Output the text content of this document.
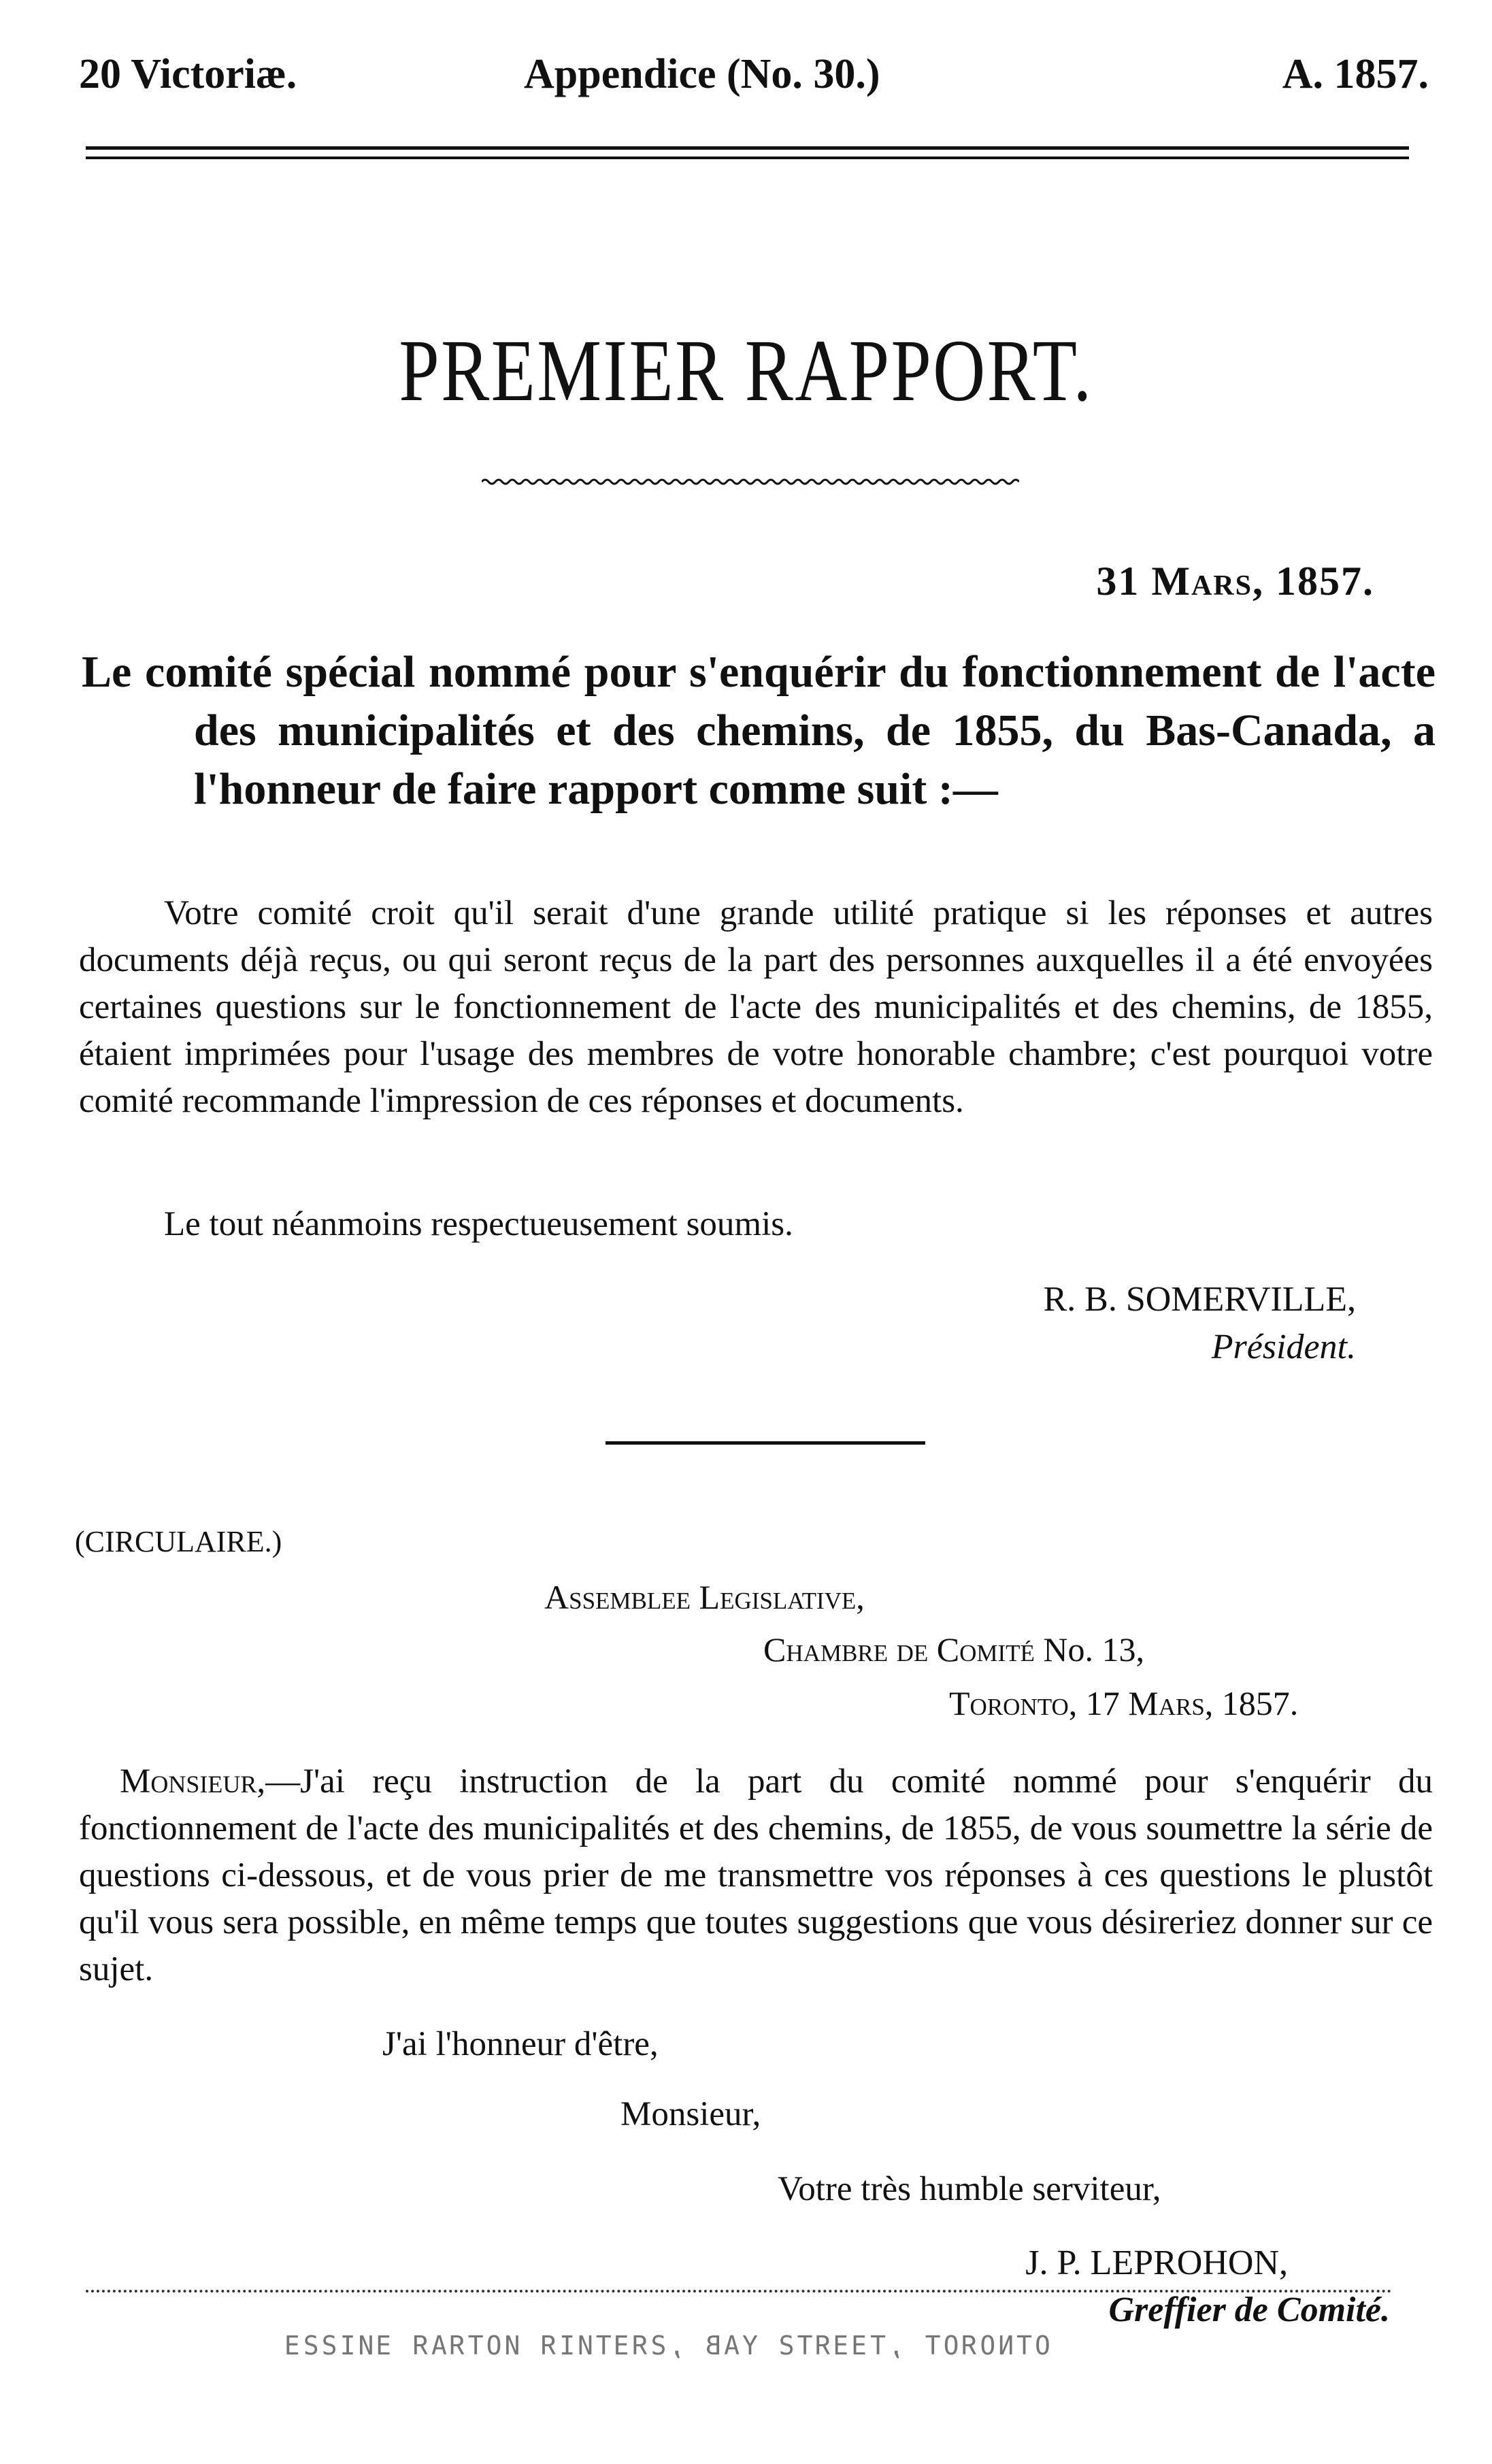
20 Victoriæ.	Appendice (No. 30.)	A. 1857.
PREMIER RAPPORT.
31 Mars, 1857.
Le comité spécial nommé pour s'enquérir du fonctionnement de l'acte des municipalités et des chemins, de 1855, du Bas-Canada, a l'honneur de faire rapport comme suit :—

Votre comité croit qu'il serait d'une grande utilité pratique si les réponses et autres documents déjà reçus, ou qui seront reçus de la part des personnes auxquelles il a été envoyées certaines questions sur le fonctionnement de l'acte des municipalités et des chemins, de 1855, étaient imprimées pour l'usage des membres de votre honorable chambre; c'est pourquoi votre comité recommande l'impression de ces réponses et documents.

Le tout néanmoins respectueusement soumis.

R. B. SOMERVILLE,
Président.
(CIRCULAIRE.)
Assemblee Legislative,
Chambre de Comité No. 13,
Toronto, 17 Mars, 1857.

Monsieur,—J'ai reçu instruction de la part du comité nommé pour s'enquérir du fonctionnement de l'acte des municipalités et des chemins, de 1855, de vous soumettre la série de questions ci-dessous, et de vous prier de me transmettre vos réponses à ces questions le plustôt qu'il vous sera possible, en même temps que toutes suggestions que vous désireriez donner sur ce sujet.

J'ai l'honneur d'être,
Monsieur,
Votre très humble serviteur,
J. P. LEPROHON,
Greffier de Comité.
OTNOЯOT ,TƎƎЯTƧ YAB ,ƧЯƎTИIЯ ИOTЯAЯ ƎИIƧƧƎ
